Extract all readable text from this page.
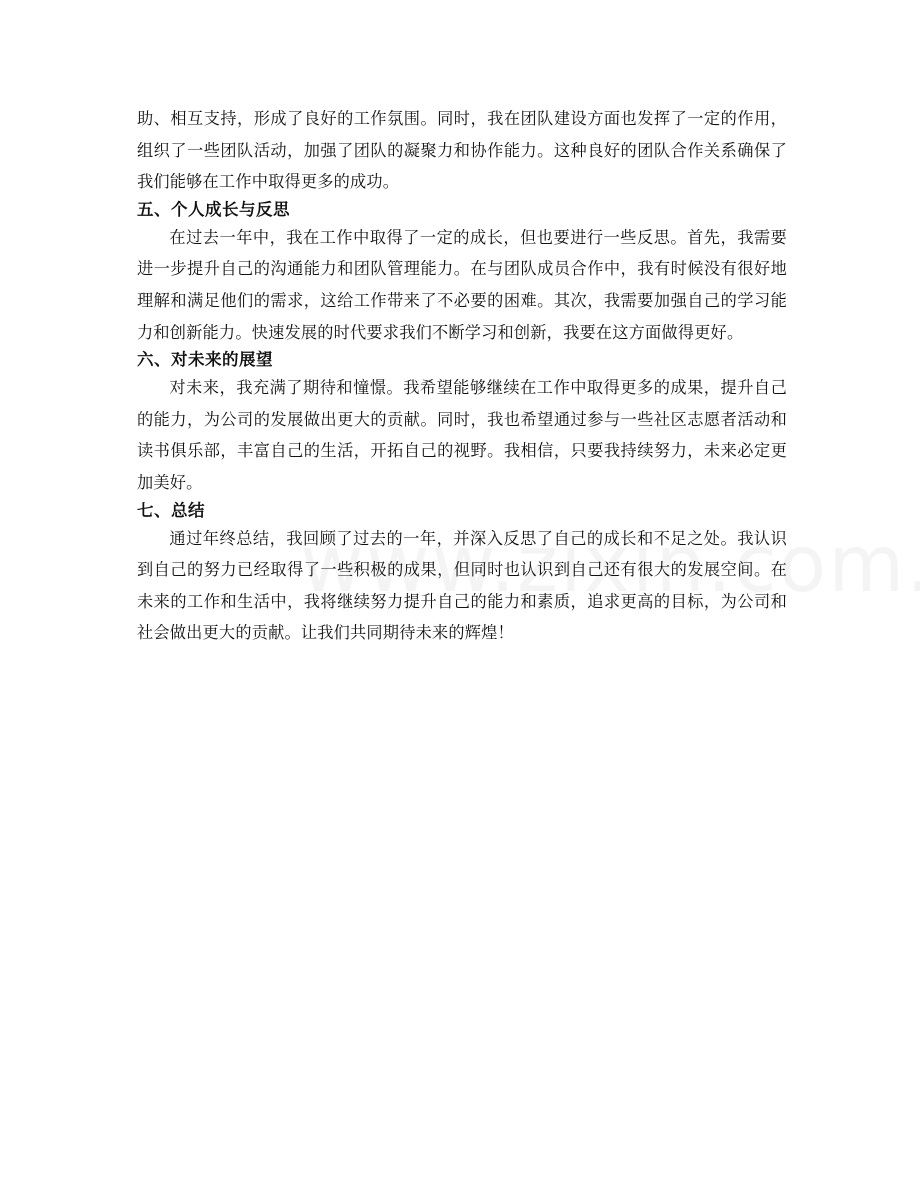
助、相互支持，形成了良好的工作氛围。同时，我在团队建设方面也发挥了一定的作用，组织了一些团队活动，加强了团队的凝聚力和协作能力。这种良好的团队合作关系确保了我们能够在工作中取得更多的成功。

五、个人成长与反思

在过去一年中，我在工作中取得了一定的成长，但也要进行一些反思。首先，我需要进一步提升自己的沟通能力和团队管理能力。在与团队成员合作中，我有时候没有很好地理解和满足他们的需求，这给工作带来了不必要的困难。其次，我需要加强自己的学习能力和创新能力。快速发展的时代要求我们不断学习和创新，我要在这方面做得更好。

六、对未来的展望

对未来，我充满了期待和憧憬。我希望能够继续在工作中取得更多的成果，提升自己的能力，为公司的发展做出更大的贡献。同时，我也希望通过参与一些社区志愿者活动和读书俱乐部，丰富自己的生活，开拓自己的视野。我相信，只要我持续努力，未来必定更加美好。

七、总结

通过年终总结，我回顾了过去的一年，并深入反思了自己的成长和不足之处。我认识到自己的努力已经取得了一些积极的成果，但同时也认识到自己还有很大的发展空间。在未来的工作和生活中，我将继续努力提升自己的能力和素质，追求更高的目标，为公司和社会做出更大的贡献。让我们共同期待未来的辉煌！
